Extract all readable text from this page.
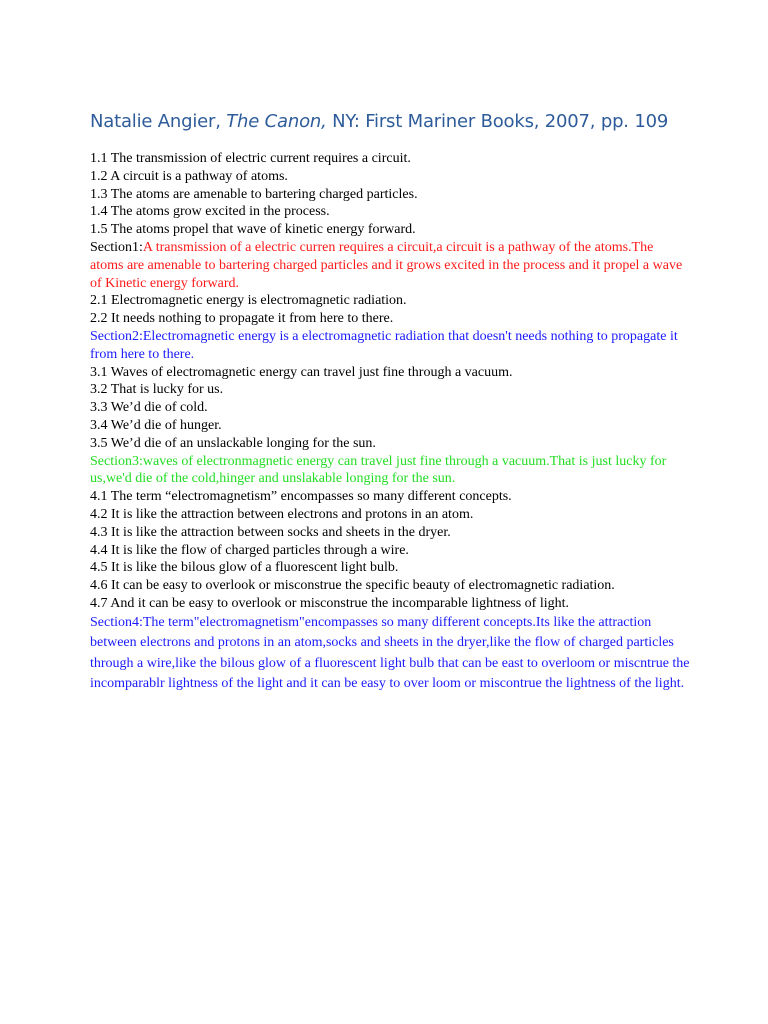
Natalie Angier, The Canon, NY: First Mariner Books, 2007, pp. 109

1.1 The transmission of electric current requires a circuit.

1.2 A circuit is a pathway of atoms.

1.3 The atoms are amenable to bartering charged particles.

1.4 The atoms grow excited in the process.

1.5 The atoms propel that wave of kinetic energy forward.

Section1:A transmission of a electric curren requires a circuit,a circuit is a pathway of the atoms.The atoms are amenable to bartering charged particles and it grows excited in the process and it propel a wave of Kinetic energy forward.

2.1 Electromagnetic energy is electromagnetic radiation.

2.2 It needs nothing to propagate it from here to there.

Section2:Electromagnetic energy is a electromagnetic radiation that doesn't needs nothing to propagate it from here to there.

3.1 Waves of electromagnetic energy can travel just fine through a vacuum.

3.2 That is lucky for us.

3.3 We’d die of cold.

3.4 We’d die of hunger.

3.5 We’d die of an unslackable longing for the sun.

Section3:waves of electronmagnetic energy can travel just fine through a vacuum.That is just lucky for us,we'd die of the cold,hinger and unslakable longing for the sun.

4.1 The term “electromagnetism” encompasses so many different concepts.

4.2 It is like the attraction between electrons and protons in an atom.

4.3 It is like the attraction between socks and sheets in the dryer.

4.4 It is like the flow of charged particles through a wire.

4.5 It is like the bilous glow of a fluorescent light bulb.

4.6 It can be easy to overlook or misconstrue the specific beauty of electromagnetic radiation.

4.7 And it can be easy to overlook or misconstrue the incomparable lightness of light.

Section4:The term"electromagnetism"encompasses so many different concepts.Its like the attraction between electrons and protons in an atom,socks and sheets in the dryer,like the flow of charged particles through a wire,like the bilous glow of a fluorescent light bulb that can be east to overloom or miscntrue the incomparablr lightness of the light and it can be easy to over loom or miscontrue the lightness of the light.
